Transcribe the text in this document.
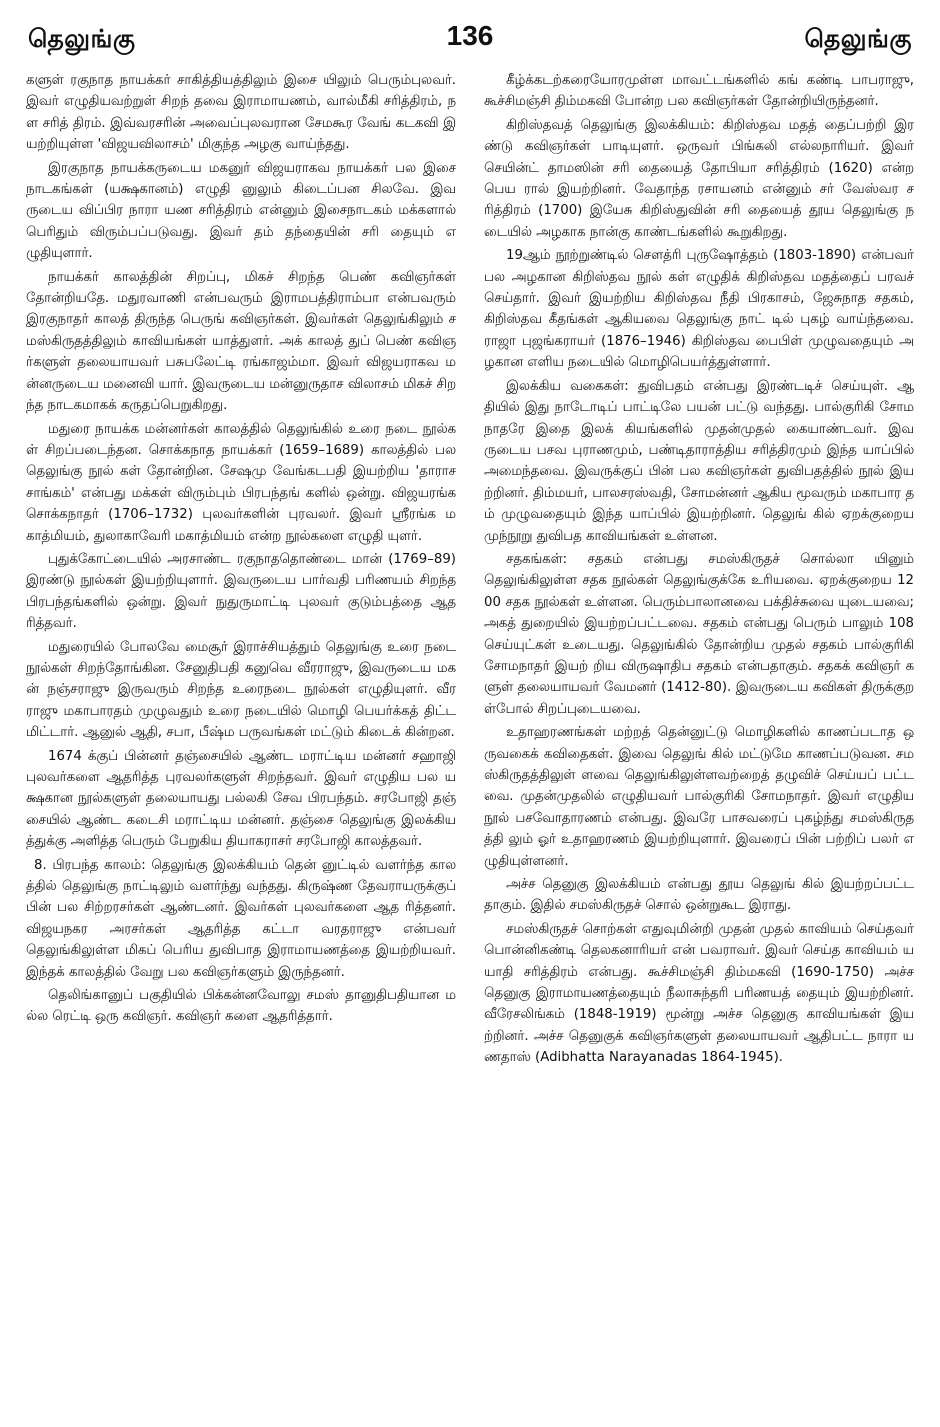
தெலுங்கு	136	தெலுங்கு

களுள் ரகுநாத நாயக்கர் சாகித்தியத்திலும் இசை யிலும் பெரும்புலவர். இவர் எழுதியவற்றுள் சிறந் தவை இராமாயணம், வால்மீகி சரித்திரம், நள சரித் திரம். இவ்வரசரின் அவைப்புலவரான சேமகூர வேங் கடகவி இயற்றியுள்ள 'விஜயவிலாசம்' மிகுந்த அழகு வாய்ந்தது.

இரகுநாத நாயக்கருடைய மகனுர் விஜயராகவ நாயக்கர் பல இசை நாடகங்கள் (யக்ஷகானம்) எழுதி னுலும் கிடைப்பன சிலவே. இவருடைய விப்பிர நாரா யண சரித்திரம் என்னும் இசைநாடகம் மக்களால் பெரிதும் விரும்பப்படுவது. இவர் தம் தந்தையின் சரி தையும் எழுதியுளார்.

நாயக்கர் காலத்தின் சிறப்பு, மிகச் சிறந்த பெண் கவிஞர்கள் தோன்றியதே. மதுரவாணி என்பவரும் இராமபத்திராம்பா என்பவரும் இரகுநாதர் காலத் திருந்த பெருங் கவிஞர்கள். இவர்கள் தெலுங்கிலும் சமஸ்கிருதத்திலும் காவியங்கள் யாத்துளர். அக் காலத் துப் பெண் கவிஞர்களுள் தலையாயவர் பசுபலேட்டி ரங்காஜம்மா. இவர் விஜயராகவ மன்னருடைய மனைவி யார். இவருடைய மன்னுருதாச விலாசம் மிகச் சிறந்த நாடகமாகக் கருதப்பெறுகிறது.

மதுரை நாயக்க மன்னர்கள் காலத்தில் தெலுங்கில் உரை நடை நூல்கள் சிறப்படைந்தன. சொக்கநாத நாயக்கர் (1659–1689) காலத்தில் பல தெலுங்கு நூல் கள் தோன்றின. சேஷமு வேங்கடபதி இயற்றிய 'தாராசசாங்கம்' என்பது மக்கள் விரும்பும் பிரபந்தங் களில் ஒன்று. விஜயரங்க சொக்கநாதர் (1706–1732) புலவர்களின் புரவலர். இவர் ஸ்ரீரங்க மகாத்மியம், துலாகாவேரி மகாத்மியம் என்ற நூல்களை எழுதி யுளர்.

புதுக்கோட்டையில் அரசாண்ட ரகுநாததொண்டை மான் (1769–89) இரண்டு நூல்கள் இயற்றியுளார். இவருடைய பார்வதி பரிணயம் சிறந்த பிரபந்தங்களில் ஒன்று. இவர் நுதுருமாட்டி புலவர் குடும்பத்தை ஆத ரித்தவர்.

மதுரையில் போலவே மைசூர் இராச்சியத்தும் தெலுங்கு உரை நடை நூல்கள் சிறந்தோங்கின. சேனுதிபதி கனுவெ வீரராஜு, இவருடைய மகன் நஞ்சராஜு இருவரும் சிறந்த உரைநடை நூல்கள் எழுதியுளர். வீரராஜு மகாபாரதம் முழுவதும் உரை நடையில் மொழி பெயர்க்கத் திட்டமிட்டார். ஆனுல் ஆதி, சபா, பீஷ்ம பருவங்கள் மட்டும் கிடைக் கின்றன.

1674 க்குப் பின்னர் தஞ்சையில் ஆண்ட மராட்டிய மன்னர் சஹாஜி புலவர்களை ஆதரித்த புரவலர்களுள் சிறந்தவர். இவர் எழுதிய பல யக்ஷகான நூல்களுள் தலையாயது பல்லகி சேவ பிரபந்தம். சரபோஜி தஞ் சையில் ஆண்ட கடைசி மராட்டிய மன்னர். தஞ்சை தெலுங்கு இலக்கியத்துக்கு அளித்த பெரும் பேறுகிய தியாகராசர் சரபோஜி காலத்தவர்.

8. பிரபந்த காலம்: தெலுங்கு இலக்கியம் தென் னுட்டில் வளர்ந்த காலத்தில் தெலுங்கு நாட்டிலும் வளர்ந்து வந்தது. கிருஷ்ண தேவராயருக்குப் பின் பல சிற்றரசர்கள் ஆண்டனர். இவர்கள் புலவர்களை ஆத ரித்தனர். விஜயநகர அரசர்கள் ஆதரித்த கட்டா வரதராஜு என்பவர் தெலுங்கிலுள்ள மிகப் பெரிய துவிபாத இராமாயணத்தை இயற்றியவர். இந்தக் காலத்தில் வேறு பல கவிஞர்களும் இருந்தனர்.

தெலிங்கானுப் பகுதியில் பிக்கன்னவோலு சமஸ் தானுதிபதியான மல்ல ரெட்டி ஒரு கவிஞர். கவிஞர் களை ஆதரித்தார்.

கீழ்க்கடற்கரையோரமுள்ள மாவட்டங்களில் கங் கண்டி பாபராஜு, கூச்சிமஞ்சி திம்மகவி போன்ற பல கவிஞர்கள் தோன்றியிருந்தனர்.

கிறிஸ்தவத் தெலுங்கு இலக்கியம்: கிறிஸ்தவ மதத் தைப்பற்றி இரண்டு கவிஞர்கள் பாடியுளர். ஒருவர் பிங்கலி எல்லநாரியர். இவர் செயின்ட் தாமஸின் சரி தையைத் தோபியா சரித்திரம் (1620) என்ற பெய ரால் இயற்றினர். வேதாந்த ரசாயனம் என்னும் சர் வேஸ்வர சரித்திரம் (1700) இயேசு கிறிஸ்துவின் சரி தையைத் தூய தெலுங்கு நடையில் அழகாக நான்கு காண்டங்களில் கூறுகிறது.

19ஆம் நூற்றுண்டில் சௌத்ரி புருஷோத்தம் (1803-1890) என்பவர் பல அழகான கிறிஸ்தவ நூல் கள் எழுதிக் கிறிஸ்தவ மதத்தைப் பரவச் செய்தார். இவர் இயற்றிய கிறிஸ்தவ நீதி பிரகாசம், ஜேசுநாத சதகம், கிறிஸ்தவ கீதங்கள் ஆகியவை தெலுங்கு நாட் டில் புகழ் வாய்ந்தவை. ராஜா புஜங்கராயர் (1876–1946) கிறிஸ்தவ பைபிள் முழுவதையும் அழகான எளிய நடையில் மொழிபெயர்த்துள்ளார்.

இலக்கிய வகைகள்: துவிபதம் என்பது இரண்டடிச் செய்யுள். ஆதியில் இது நாடோடிப் பாட்டிலே பயன் பட்டு வந்தது. பால்குரிகி சோமநாதரே இதை இலக் கியங்களில் முதன்முதல் கையாண்டவர். இவருடைய பசவ புராணமும், பண்டிதாராத்திய சரித்திரமும் இந்த யாப்பில் அமைந்தவை. இவருக்குப் பின் பல கவிஞர்கள் துவிபதத்தில் நூல் இயற்றினர். திம்மயர், பாலசரஸ்வதி, சோமன்னர் ஆகிய மூவரும் மகாபார தம் முழுவதையும் இந்த யாப்பில் இயற்றினர். தெலுங் கில் ஏறக்குறைய முந்நூறு துவிபத காவியங்கள் உள்ளன.

சதகங்கள்: சதகம் என்பது சமஸ்கிருதச் சொல்லா யினும் தெலுங்கிலுள்ள சதக நூல்கள் தெலுங்குக்கே உரியவை. ஏறக்குறைய 1200 சதக நூல்கள் உள்ளன. பெரும்பாலானவை பக்திச்சுவை யுடையவை; அகத் துறையில் இயற்றப்பட்டவை. சதகம் என்பது பெரும் பாலும் 108 செய்யுட்கள் உடையது. தெலுங்கில் தோன்றிய முதல் சதகம் பால்குரிகி சோமநாதர் இயற் றிய விருஷாதிப சதகம் என்பதாகும். சதகக் கவிஞர் களுள் தலையாயவர் வேமனர் (1412-80). இவருடைய கவிகள் திருக்குறள்போல் சிறப்புடையவை.

உதாஹரணங்கள் மற்றத் தென்னுட்டு மொழிகளில் காணப்படாத ஒருவகைக் கவிதைகள். இவை தெலுங் கில் மட்டுமே காணப்படுவன. சமஸ்கிருதத்திலுள் ளவை தெலுங்கிலுள்ளவற்றைத் தழுவிச் செய்யப் பட்டவை. முதன்முதலில் எழுதியவர் பால்குரிகி சோமநாதர். இவர் எழுதிய நூல் பசவோதாரணம் என்பது. இவரே பாசவரைப் புகழ்ந்து சமஸ்கிருதத்தி லும் ஓர் உதாஹரணம் இயற்றியுளார். இவரைப் பின் பற்றிப் பலர் எழுதியுள்ளனர்.

அச்ச தெனுகு இலக்கியம் என்பது தூய தெலுங் கில் இயற்றப்பட்டதாகும். இதில் சமஸ்கிருதச் சொல் ஒன்றுகூட இராது.

சமஸ்கிருதச் சொற்கள் எதுவுமின்றி முதன் முதல் காவியம் செய்தவர் பொன்னிகண்டி தெலகனாரியர் என் பவராவர். இவர் செய்த காவியம் யயாதி சரித்திரம் என்பது. கூச்சிமஞ்சி திம்மகவி (1690-1750) அச்ச தெனுகு இராமாயணத்தையும் நீலாசுந்தரி பரிணயத் தையும் இயற்றினர். வீரேசலிங்கம் (1848-1919) மூன்று அச்ச தெனுகு காவியங்கள் இயற்றினர். அச்ச தெனுகுக் கவிஞர்களுள் தலையாயவர் ஆதிபட்ட நாரா யணதாஸ் (Adibhatta Narayanadas 1864-1945).
